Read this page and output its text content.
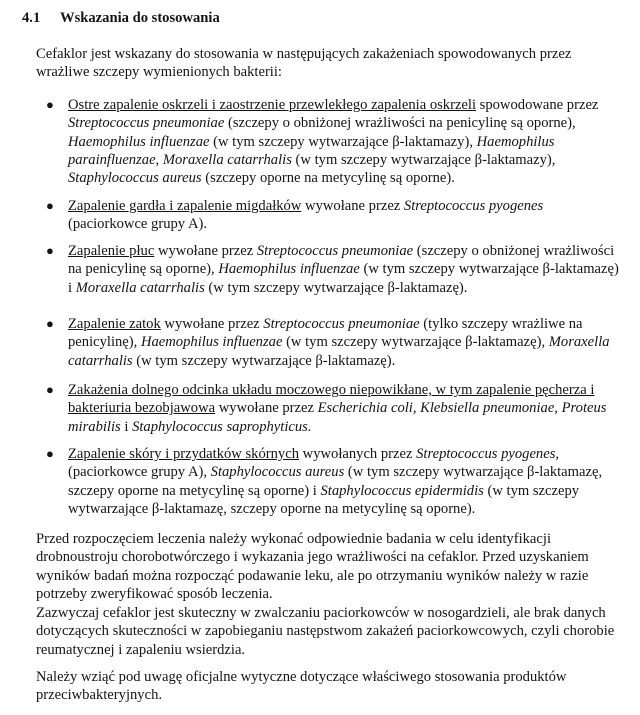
4.1	Wskazania do stosowania
Cefaklor jest wskazany do stosowania w następujących zakażeniach spowodowanych przez wrażliwe szczepy wymienionych bakterii:
● Ostre zapalenie oskrzeli i zaostrzenie przewlekłego zapalenia oskrzeli spowodowane przez Streptococcus pneumoniae (szczepy o obniżonej wrażliwości na penicylinę są oporne), Haemophilus influenzae (w tym szczepy wytwarzające β-laktamazy), Haemophilus parainfluenzae, Moraxella catarrhalis (w tym szczepy wytwarzające β-laktamazy), Staphylococcus aureus (szczepy oporne na metycylinę są oporne).
● Zapalenie gardła i zapalenie migdałków wywołane przez Streptococcus pyogenes (paciorkowce grupy A).
● Zapalenie płuc wywołane przez Streptococcus pneumoniae (szczepy o obniżonej wrażliwości na penicylinę są oporne), Haemophilus influenzae (w tym szczepy wytwarzające β-laktamazę) i Moraxella catarrhalis (w tym szczepy wytwarzające β-laktamazę).
● Zapalenie zatok wywołane przez Streptococcus pneumoniae (tylko szczepy wrażliwe na penicylinę), Haemophilus influenzae (w tym szczepy wytwarzające β-laktamazę), Moraxella catarrhalis (w tym szczepy wytwarzające β-laktamazę).
● Zakażenia dolnego odcinka układu moczowego niepowikłane, w tym zapalenie pęcherza i bakteriuria bezobjawowa wywołane przez Escherichia coli, Klebsiella pneumoniae, Proteus mirabilis i Staphylococcus saprophyticus.
● Zapalenie skóry i przydatków skórnych wywołanych przez Streptococcus pyogenes, (paciorkowce grupy A), Staphylococcus aureus (w tym szczepy wytwarzające β-laktamazę, szczepy oporne na metycylinę są oporne) i Staphylococcus epidermidis (w tym szczepy wytwarzające β-laktamazę, szczepy oporne na metycylinę są oporne).
Przed rozpoczęciem leczenia należy wykonać odpowiednie badania w celu identyfikacji drobnoustroju chorobotwórczego i wykazania jego wrażliwości na cefaklor. Przed uzyskaniem wyników badań można rozpocząć podawanie leku, ale po otrzymaniu wyników należy w razie potrzeby zweryfikować sposób leczenia.
Zazwyczaj cefaklor jest skuteczny w zwalczaniu paciorkowców w nosogardzieli, ale brak danych dotyczących skuteczności w zapobieganiu następstwom zakażeń paciorkowcowych, czyli chorobie reumatycznej i zapaleniu wsierdzia.
Należy wziąć pod uwagę oficjalne wytyczne dotyczące właściwego stosowania produktów przeciwbakteryjnych.
